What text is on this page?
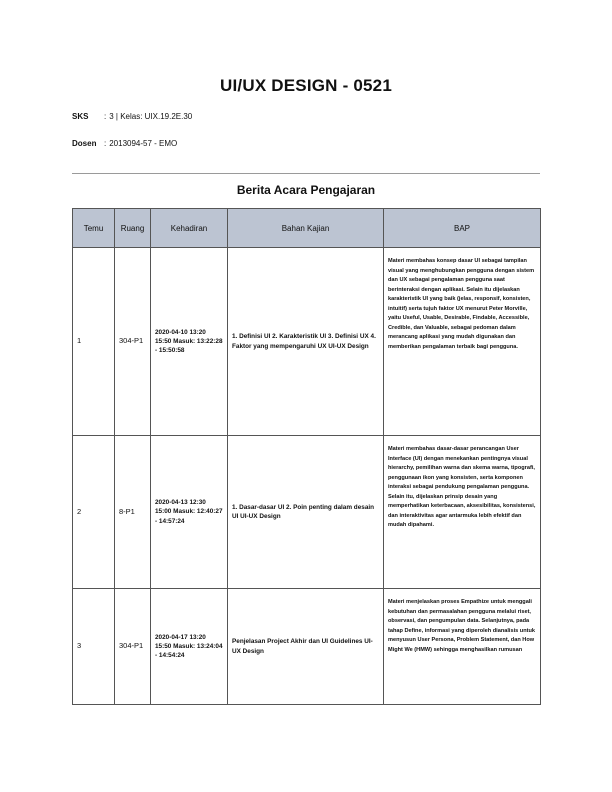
UI/UX DESIGN - 0521
SKS : 3 | Kelas: UIX.19.2E.30
Dosen : 2013094-57 - EMO
Berita Acara Pengajaran
Temu	Ruang	Kehadiran	Bahan Kajian	BAP
1	304-P1	2020-04-10 13:20 15:50 Masuk: 13:22:28 - 15:50:58	1. Definisi UI 2. Karakteristik UI 3. Definisi UX 4. Faktor yang mempengaruhi UX UI-UX Design	Materi membahas konsep dasar UI sebagai tampilan visual yang menghubungkan pengguna dengan sistem dan UX sebagai pengalaman pengguna saat berinteraksi dengan aplikasi. Selain itu dijelaskan karakteristik UI yang baik (jelas, responsif, konsisten, intuitif) serta tujuh faktor UX menurut Peter Morville, yaitu Useful, Usable, Desirable, Findable, Accessible, Credible, dan Valuable, sebagai pedoman dalam merancang aplikasi yang mudah digunakan dan memberikan pengalaman terbaik bagi pengguna.
2	8-P1	2020-04-13 12:30 15:00 Masuk: 12:40:27 - 14:57:24	1. Dasar-dasar UI 2. Poin penting dalam desain UI UI-UX Design	Materi membahas dasar-dasar perancangan User Interface (UI) dengan menekankan pentingnya visual hierarchy, pemilihan warna dan skema warna, tipografi, penggunaan ikon yang konsisten, serta komponen interaksi sebagai pendukung pengalaman pengguna. Selain itu, dijelaskan prinsip desain yang memperhatikan keterbacaan, aksesibilitas, konsistensi, dan interaktivitas agar antarmuka lebih efektif dan mudah dipahami.
3	304-P1	2020-04-17 13:20 15:50 Masuk: 13:24:04 - 14:54:24	Penjelasan Project Akhir dan UI Guidelines UI-UX Design	Materi menjelaskan proses Empathize untuk menggali kebutuhan dan permasalahan pengguna melalui riset, observasi, dan pengumpulan data. Selanjutnya, pada tahap Define, informasi yang diperoleh dianalisis untuk menyusun User Persona, Problem Statement, dan How Might We (HMW) sehingga menghasilkan rumusan
